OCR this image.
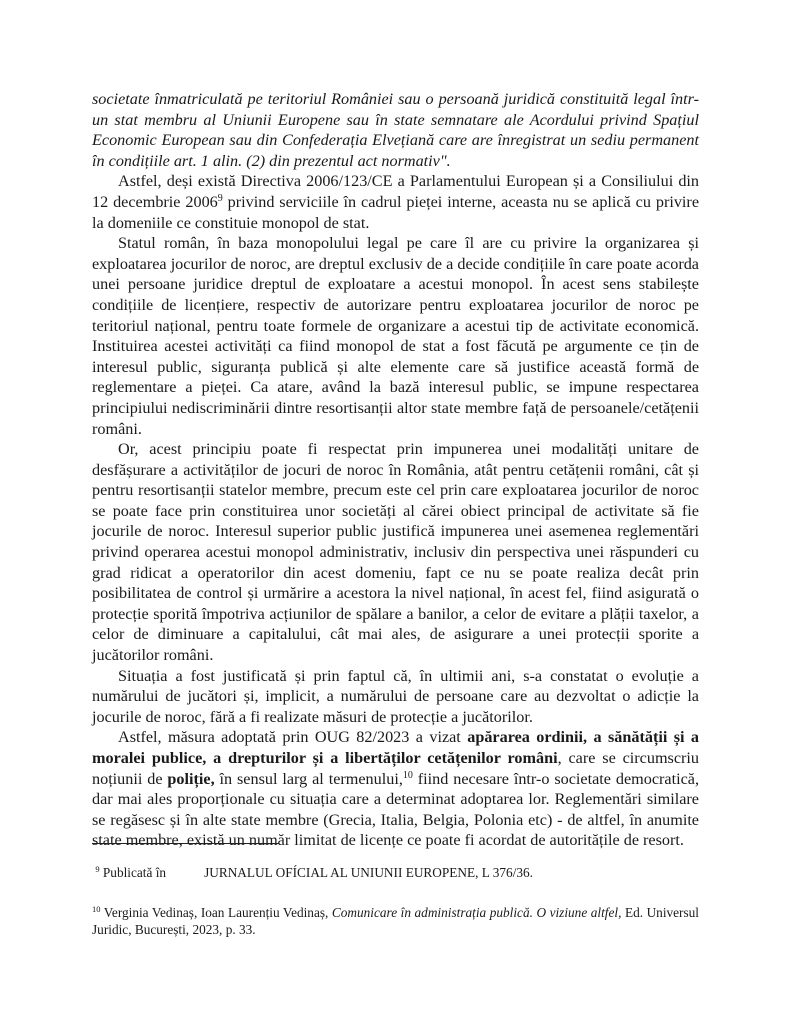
societate înmatriculată pe teritoriul României sau o persoană juridică constituită legal într-un stat membru al Uniunii Europene sau în state semnatare ale Acordului privind Spațiul Economic European sau din Confederația Elvețiană care are înregistrat un sediu permanent în condițiile art. 1 alin. (2) din prezentul act normativ".

Astfel, deși există Directiva 2006/123/CE a Parlamentului European și a Consiliului din 12 decembrie 2006$^9$ privind serviciile în cadrul pieței interne, aceasta nu se aplică cu privire la domeniile ce constituie monopol de stat.

Statul român, în baza monopolului legal pe care îl are cu privire la organizarea și exploatarea jocurilor de noroc, are dreptul exclusiv de a decide condițiile în care poate acorda unei persoane juridice dreptul de exploatare a acestui monopol. În acest sens stabilește condițiile de licențiere, respectiv de autorizare pentru exploatarea jocurilor de noroc pe teritoriul național, pentru toate formele de organizare a acestui tip de activitate economică. Instituirea acestei activități ca fiind monopol de stat a fost făcută pe argumente ce țin de interesul public, siguranța publică și alte elemente care să justifice această formă de reglementare a pieței. Ca atare, având la bază interesul public, se impune respectarea principiului nediscriminării dintre resortisanții altor state membre față de persoanele/cetățenii români.

Or, acest principiu poate fi respectat prin impunerea unei modalități unitare de desfășurare a activităților de jocuri de noroc în România, atât pentru cetățenii români, cât și pentru resortisanții statelor membre, precum este cel prin care exploatarea jocurilor de noroc se poate face prin constituirea unor societăți al cărei obiect principal de activitate să fie jocurile de noroc. Interesul superior public justifică impunerea unei asemenea reglementări privind operarea acestui monopol administrativ, inclusiv din perspectiva unei răspunderi cu grad ridicat a operatorilor din acest domeniu, fapt ce nu se poate realiza decât prin posibilitatea de control și urmărire a acestora la nivel național, în acest fel, fiind asigurată o protecție sporită împotriva acțiunilor de spălare a banilor, a celor de evitare a plății taxelor, a celor de diminuare a capitalului, cât mai ales, de asigurare a unei protecții sporite a jucătorilor români.

Situația a fost justificată și prin faptul că, în ultimii ani, s-a constatat o evoluție a numărului de jucători și, implicit, a numărului de persoane care au dezvoltat o adicție la jocurile de noroc, fără a fi realizate măsuri de protecție a jucătorilor.

Astfel, măsura adoptată prin OUG 82/2023 a vizat apărarea ordinii, a sănătății și a moralei publice, a drepturilor și a libertăților cetățenilor români, care se circumscriu noțiunii de poliție, în sensul larg al termenului,$^{10}$ fiind necesare într-o societate democratică, dar mai ales proporționale cu situația care a determinat adoptarea lor. Reglementări similare se regăsesc și în alte state membre (Grecia, Italia, Belgia, Polonia etc) - de altfel, în anumite state membre, există un număr limitat de licențe ce poate fi acordat de autoritățile de resort.

$^9$ Publicată în	JURNALUL OFÍCIAL AL UNIUNII EUROPENE, L 376/36.
$^{10}$ Verginia Vedinaș, Ioan Laurențiu Vedinaș, Comunicare în administrația publică. O viziune altfel, Ed. Universul Juridic, București, 2023, p. 33.
